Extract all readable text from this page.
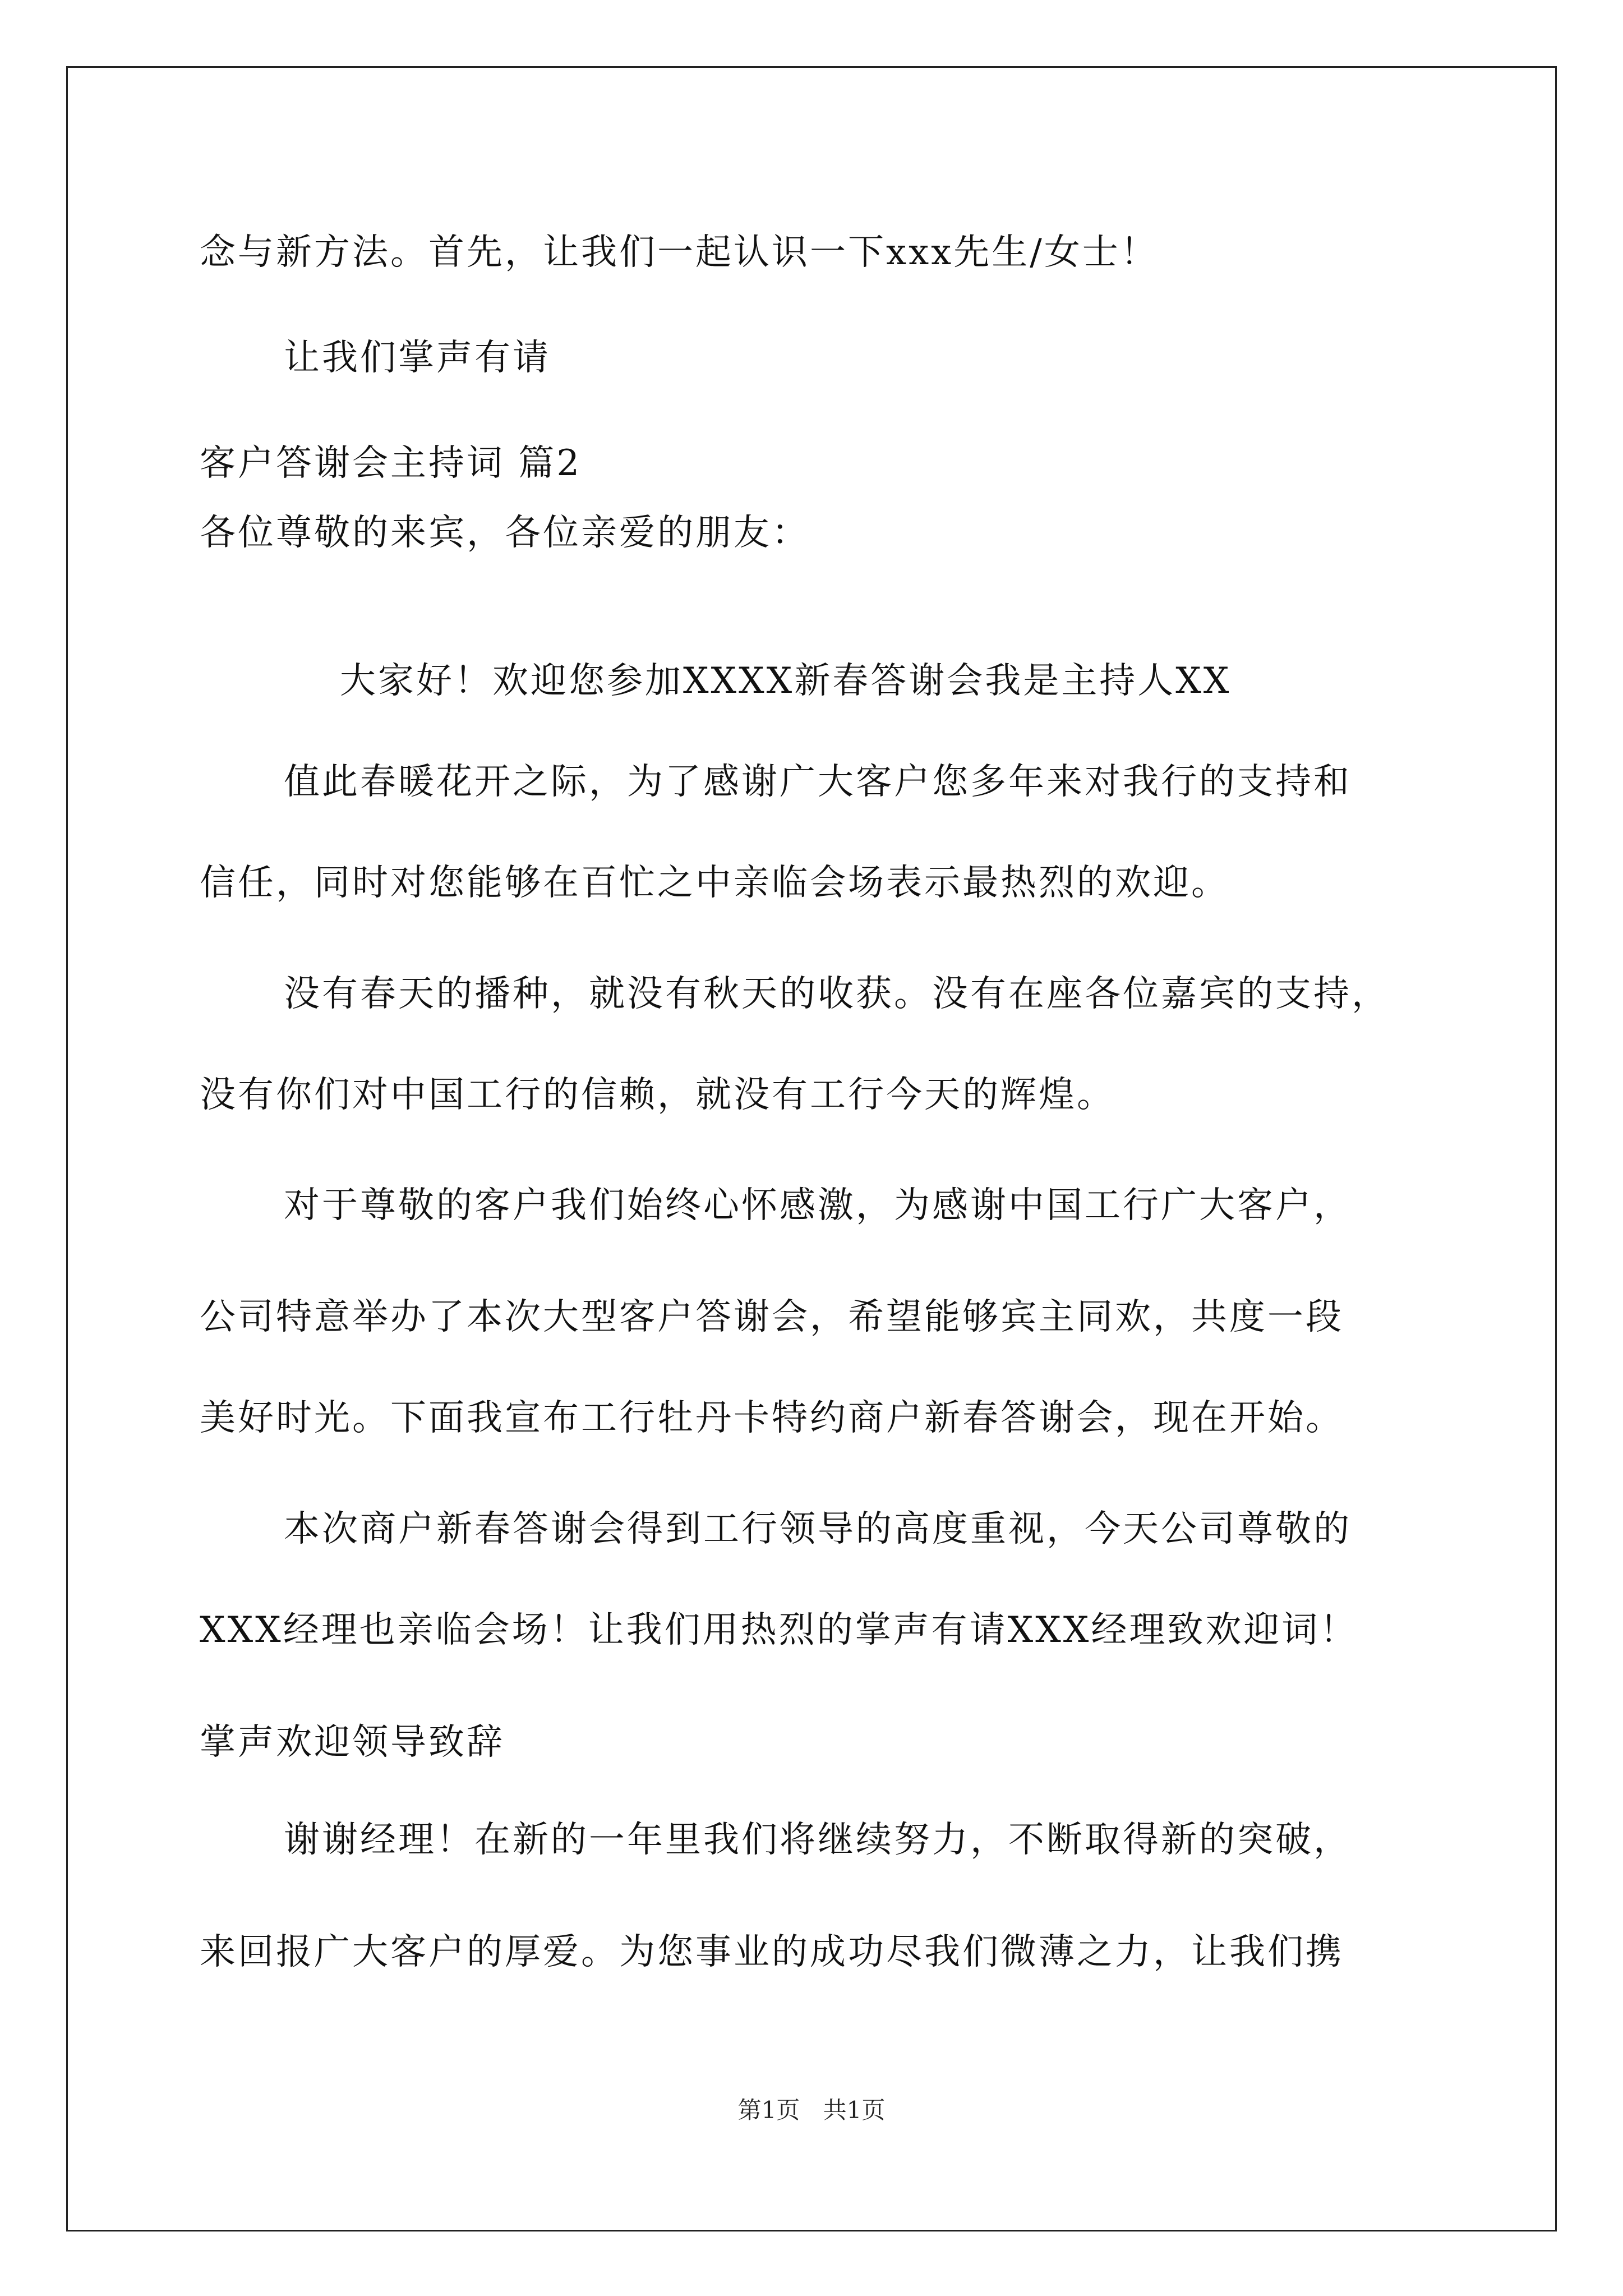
念与新方法。首先，让我们一起认识一下xxx先生/女士！
让我们掌声有请
客户答谢会主持词 篇2
各位尊敬的来宾，各位亲爱的朋友：
大家好！欢迎您参加XXXX新春答谢会我是主持人XX
值此春暖花开之际，为了感谢广大客户您多年来对我行的支持和
信任，同时对您能够在百忙之中亲临会场表示最热烈的欢迎。
没有春天的播种，就没有秋天的收获。没有在座各位嘉宾的支持，
没有你们对中国工行的信赖，就没有工行今天的辉煌。
对于尊敬的客户我们始终心怀感激，为感谢中国工行广大客户，
公司特意举办了本次大型客户答谢会，希望能够宾主同欢，共度一段
美好时光。下面我宣布工行牡丹卡特约商户新春答谢会，现在开始。
本次商户新春答谢会得到工行领导的高度重视，今天公司尊敬的
XXX经理也亲临会场！让我们用热烈的掌声有请XXX经理致欢迎词！
掌声欢迎领导致辞
谢谢经理！在新的一年里我们将继续努力，不断取得新的突破，
来回报广大客户的厚爱。为您事业的成功尽我们微薄之力，让我们携
第1页 共1页
